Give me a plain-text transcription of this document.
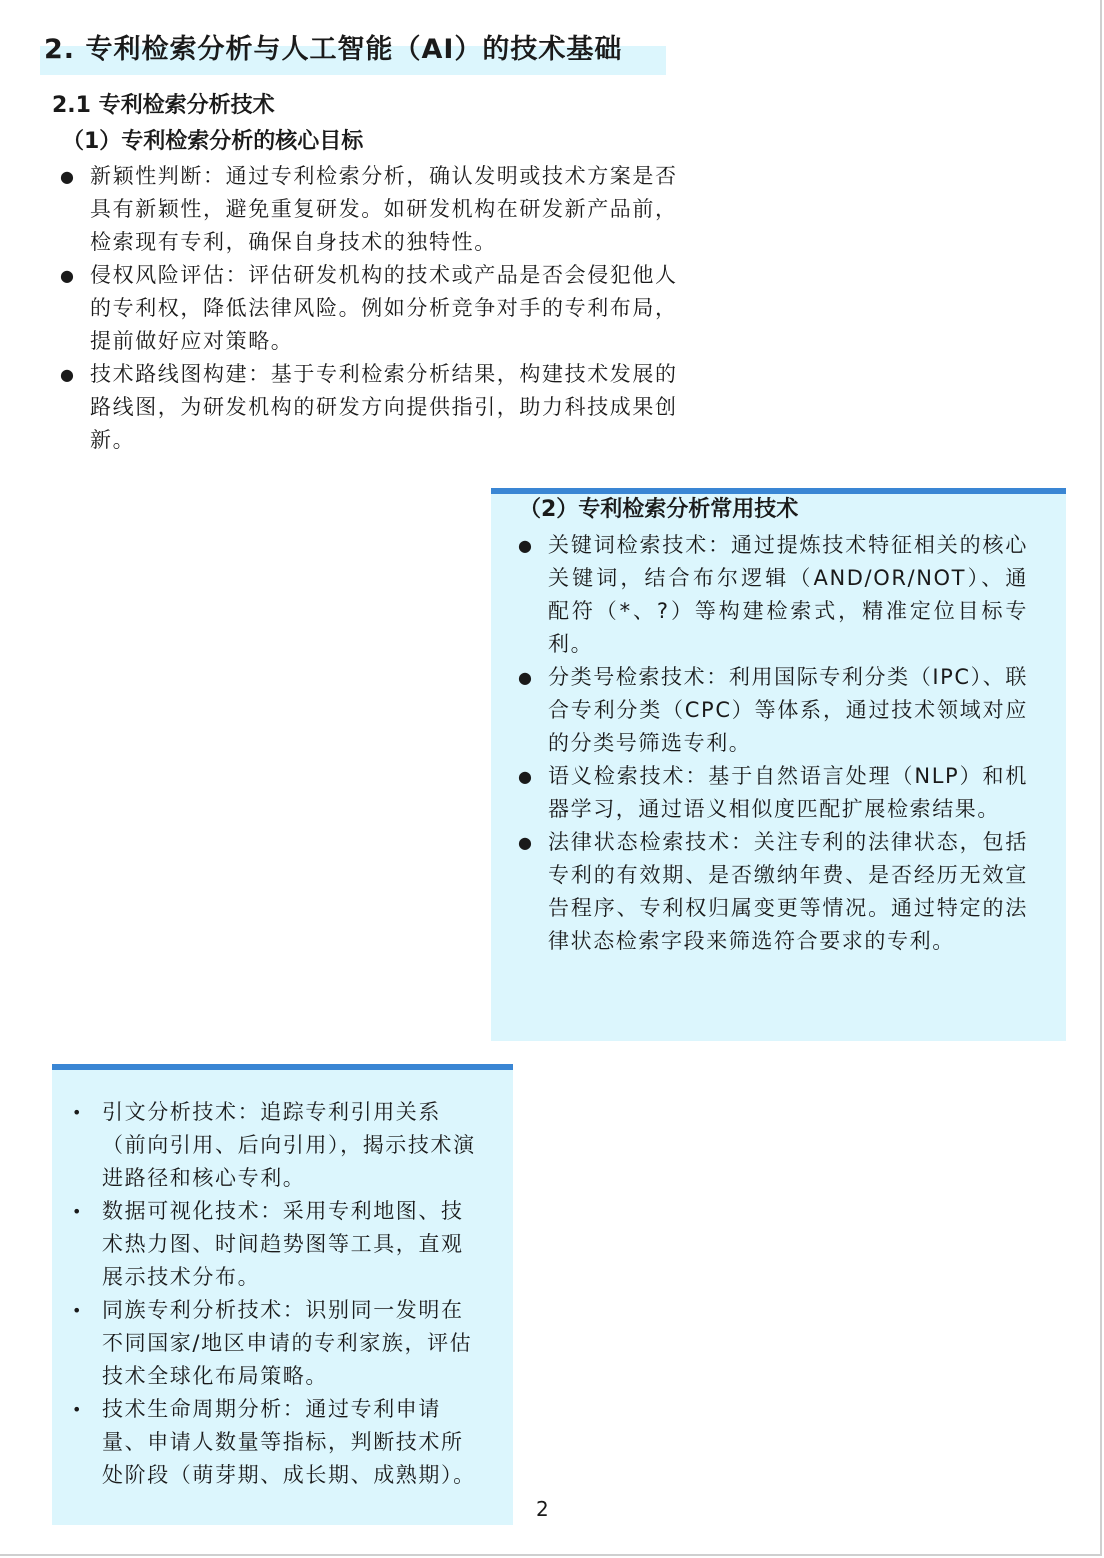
2. 专利检索分析与人工智能（AI）的技术基础
2.1 专利检索分析技术
（1）专利检索分析的核心目标
● 新颖性判断：通过专利检索分析，确认发明或技术方案是否具有新颖性，避免重复研发。如研发机构在研发新产品前，检索现有专利，确保自身技术的独特性。
● 侵权风险评估：评估研发机构的技术或产品是否会侵犯他人的专利权，降低法律风险。例如分析竞争对手的专利布局，提前做好应对策略。
● 技术路线图构建：基于专利检索分析结果，构建技术发展的路线图，为研发机构的研发方向提供指引，助力科技成果创新。
（2）专利检索分析常用技术
● 关键词检索技术：通过提炼技术特征相关的核心关键词，结合布尔逻辑（AND/OR/NOT）、通配符（*、?）等构建检索式，精准定位目标专利。
● 分类号检索技术：利用国际专利分类（IPC）、联合专利分类（CPC）等体系，通过技术领域对应的分类号筛选专利。
● 语义检索技术：基于自然语言处理（NLP）和机器学习，通过语义相似度匹配扩展检索结果。
● 法律状态检索技术：关注专利的法律状态，包括专利的有效期、是否缴纳年费、是否经历无效宣告程序、专利权归属变更等情况。通过特定的法律状态检索字段来筛选符合要求的专利。
• 引文分析技术：追踪专利引用关系（前向引用、后向引用），揭示技术演进路径和核心专利。
• 数据可视化技术：采用专利地图、技术热力图、时间趋势图等工具，直观展示技术分布。
• 同族专利分析技术：识别同一发明在不同国家/地区申请的专利家族，评估技术全球化布局策略。
• 技术生命周期分析：通过专利申请量、申请人数量等指标，判断技术所处阶段（萌芽期、成长期、成熟期）。
2
